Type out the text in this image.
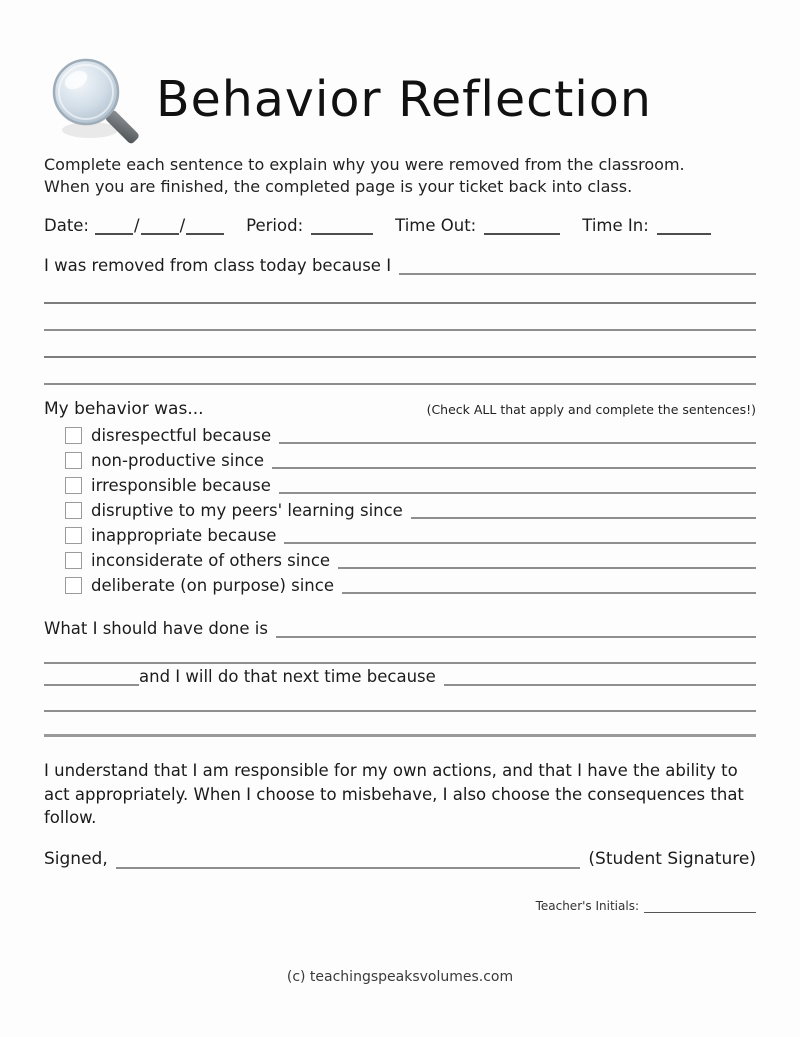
Behavior Reflection
Complete each sentence to explain why you were removed from the classroom.
When you are finished, the completed page is your ticket back into class.
Date:	/ /	Period:	Time Out:	Time In:
I was removed from class today because I
My behavior was...	(Check ALL that apply and complete the sentences!)
disrespectful because
non-productive since
irresponsible because
disruptive to my peers' learning since
inappropriate because
inconsiderate of others since
deliberate (on purpose) since
What I should have done is
and I will do that next time because
I understand that I am responsible for my own actions, and that I have the ability to act appropriately. When I choose to misbehave, I also choose the consequences that follow.
Signed,	(Student Signature)
Teacher's Initials:
(c) teachingspeaksvolumes.com
